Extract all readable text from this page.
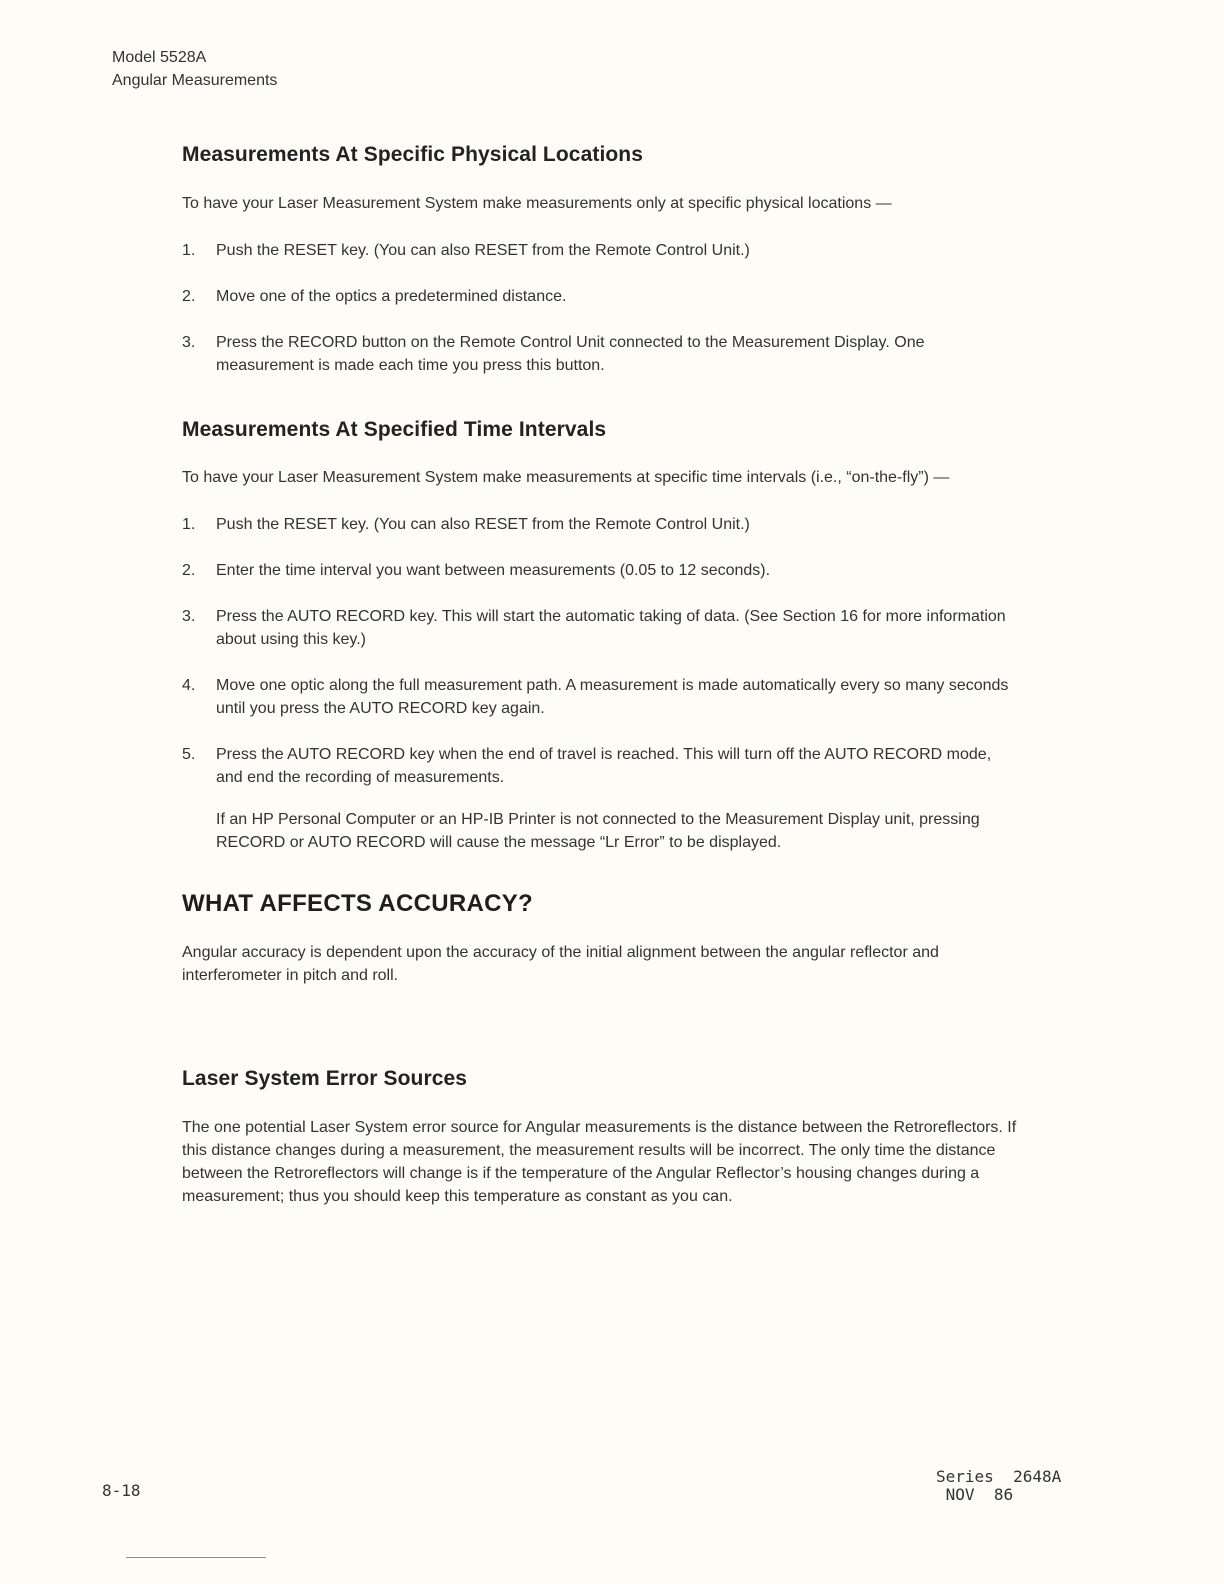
Model 5528A
Angular Measurements
Measurements At Specific Physical Locations

To have your Laser Measurement System make measurements only at specific physical locations —

1.	Push the RESET key. (You can also RESET from the Remote Control Unit.)
2.	Move one of the optics a predetermined distance.
3.	Press the RECORD button on the Remote Control Unit connected to the Measurement Display. One measurement is made each time you press this button.
Measurements At Specified Time Intervals

To have your Laser Measurement System make measurements at specific time intervals (i.e., “on-the-fly”) —

1.	Push the RESET key. (You can also RESET from the Remote Control Unit.)
2.	Enter the time interval you want between measurements (0.05 to 12 seconds).
3.	Press the AUTO RECORD key. This will start the automatic taking of data. (See Section 16 for more information about using this key.)
4.	Move one optic along the full measurement path. A measurement is made automatically every so many seconds until you press the AUTO RECORD key again.
5.	Press the AUTO RECORD key when the end of travel is reached. This will turn off the AUTO RECORD mode, and end the recording of measurements.

If an HP Personal Computer or an HP-IB Printer is not connected to the Measurement Display unit, pressing RECORD or AUTO RECORD will cause the message “Lr Error” to be displayed.

WHAT AFFECTS ACCURACY?

Angular accuracy is dependent upon the accuracy of the initial alignment between the angular reflector and interferometer in pitch and roll.

Laser System Error Sources

The one potential Laser System error source for Angular measurements is the distance between the Retroreflectors. If this distance changes during a measurement, the measurement results will be incorrect. The only time the distance between the Retroreflectors will change is if the temperature of the Angular Reflector’s housing changes during a measurement; thus you should keep this temperature as constant as you can.

8-18
Series 2648A
NOV 86
